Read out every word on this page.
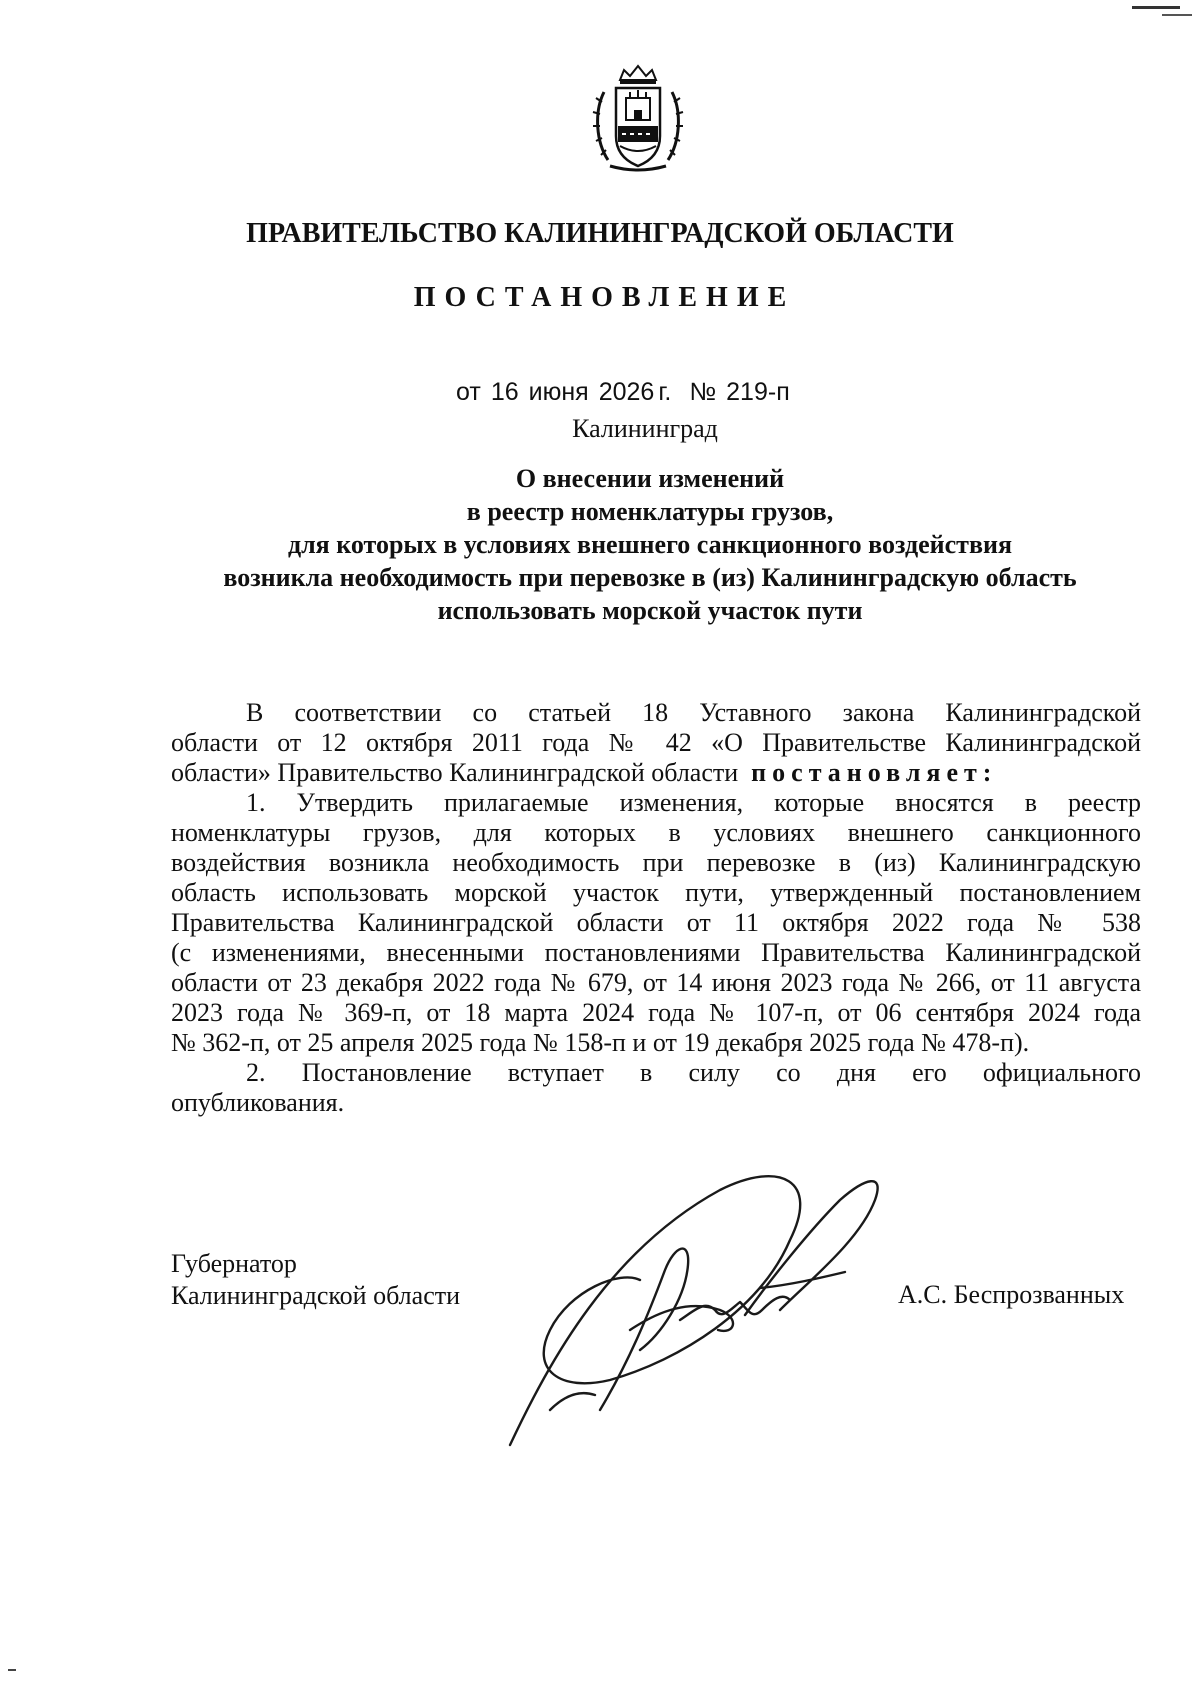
ПРАВИТЕЛЬСТВО КАЛИНИНГРАДСКОЙ ОБЛАСТИ
ПОСТАНОВЛЕНИЕ
от 16 июня 2026 г. № 219-п
Калининград
О внесении изменений
в реестр номенклатуры грузов,
для которых в условиях внешнего санкционного воздействия
возникла необходимость при перевозке в (из) Калининградскую область
использовать морской участок пути
В соответствии со статьей 18 Уставного закона Калининградской
области от 12 октября 2011 года № 42 «О Правительстве Калининградской
области» Правительство Калининградской области постановляет:
1. Утвердить прилагаемые изменения, которые вносятся в реестр
номенклатуры грузов, для которых в условиях внешнего санкционного
воздействия возникла необходимость при перевозке в (из) Калининградскую
область использовать морской участок пути, утвержденный постановлением
Правительства Калининградской области от 11 октября 2022 года № 538
(с изменениями, внесенными постановлениями Правительства Калининградской
области от 23 декабря 2022 года № 679, от 14 июня 2023 года № 266, от 11 августа
2023 года № 369-п, от 18 марта 2024 года № 107-п, от 06 сентября 2024 года
№ 362-п, от 25 апреля 2025 года № 158-п и от 19 декабря 2025 года № 478-п).
2. Постановление вступает в силу со дня его официального
опубликования.
Губернатор
Калининградской области	А.С. Беспрозванных
